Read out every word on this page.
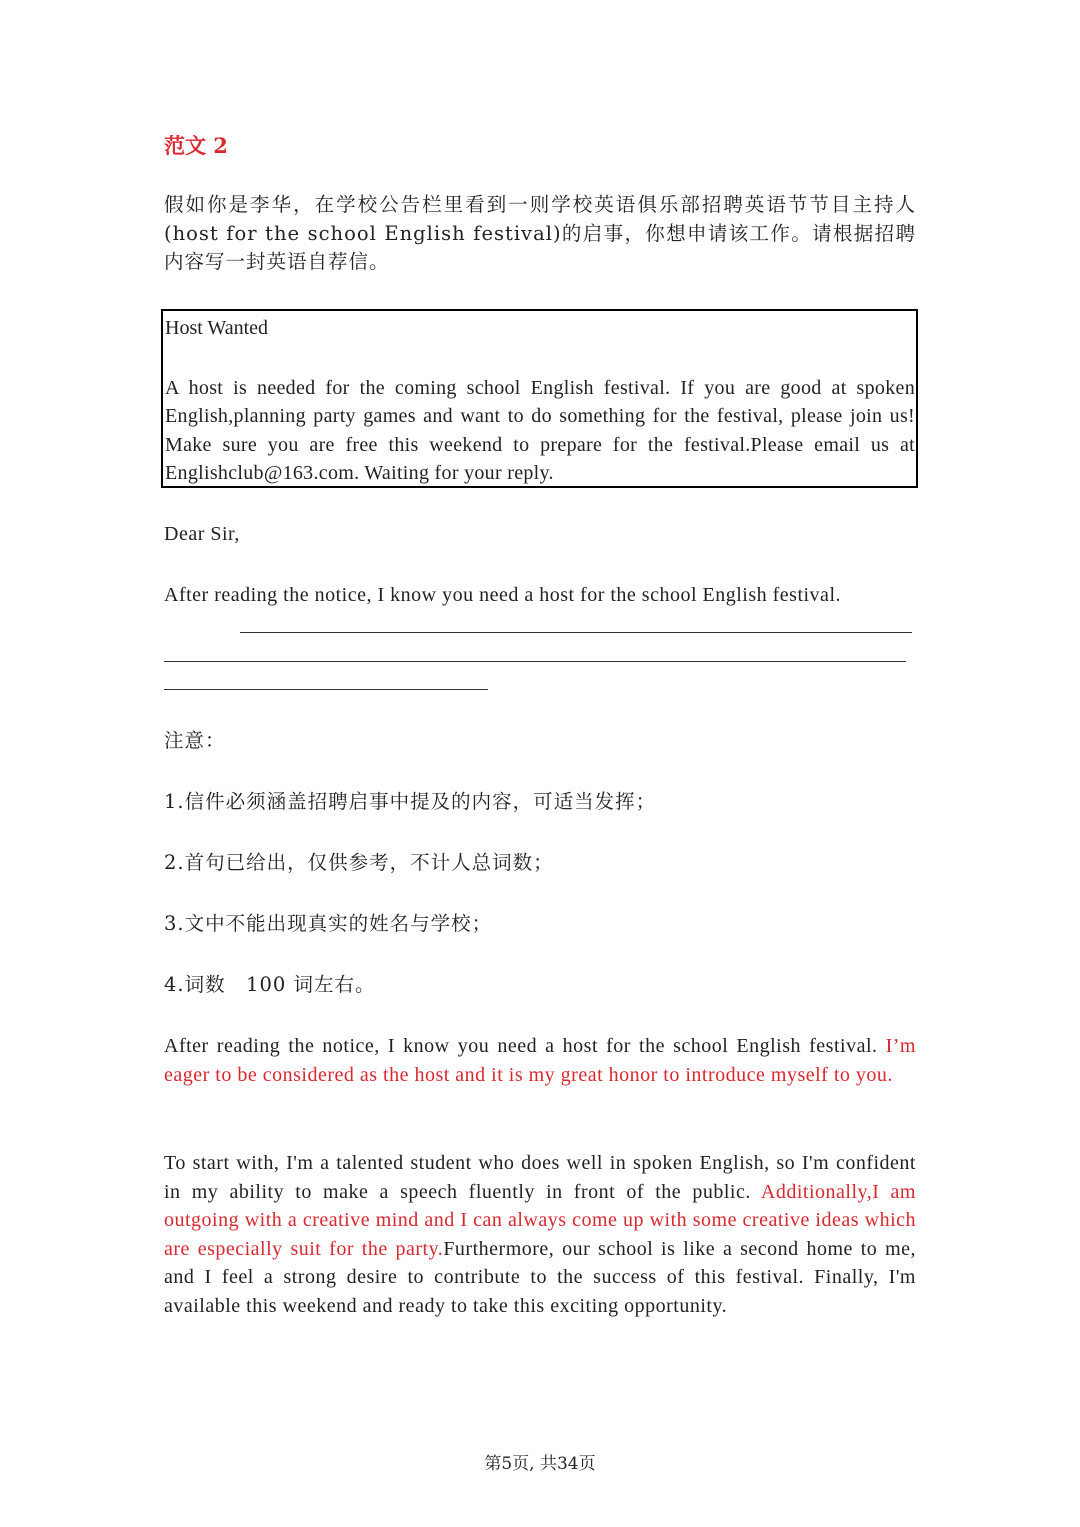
范文 2
假如你是李华，在学校公告栏里看到一则学校英语俱乐部招聘英语节节目主持人(host for the school English festival)的启事，你想申请该工作。请根据招聘内容写一封英语自荐信。
Host Wanted
A host is needed for the coming school English festival. If you are good at spoken English,planning party games and want to do something for the festival, please join us! Make sure you are free this weekend to prepare for the festival.Please email us at Englishclub@163.com. Waiting for your reply.
Dear Sir,
After reading the notice, I know you need a host for the school English festival.
注意：
1.信件必须涵盖招聘启事中提及的内容，可适当发挥；
2.首句已给出，仅供参考，不计人总词数；
3.文中不能出现真实的姓名与学校；
4.词数　100 词左右。
After reading the notice, I know you need a host for the school English festival. I’m eager to be considered as the host and it is my great honor to introduce myself to you.
To start with, I'm a talented student who does well in spoken English, so I'm confident in my ability to make a speech fluently in front of the public. Additionally,I am outgoing with a creative mind and I can always come up with some creative ideas which are especially suit for the party.Furthermore, our school is like a second home to me, and I feel a strong desire to contribute to the success of this festival. Finally, I'm available this weekend and ready to take this exciting opportunity.
第5页, 共34页
